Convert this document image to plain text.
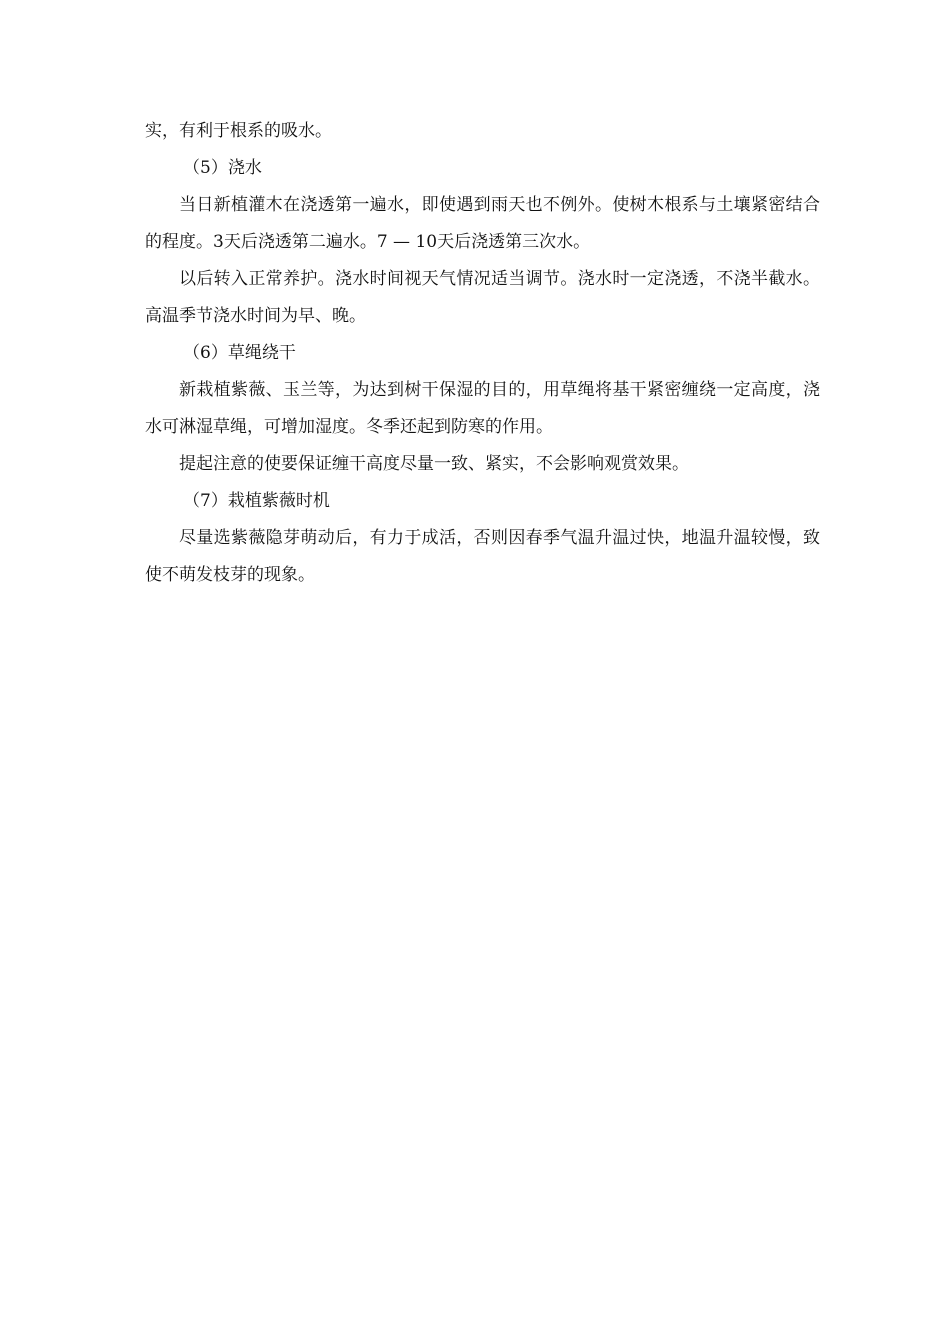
实，有利于根系的吸水。

（5）浇水

当日新植灌木在浇透第一遍水，即使遇到雨天也不例外。使树木根系与土壤紧密结合的程度。3天后浇透第二遍水。7 — 10天后浇透第三次水。

以后转入正常养护。浇水时间视天气情况适当调节。浇水时一定浇透，不浇半截水。高温季节浇水时间为早、晚。

（6）草绳绕干

新栽植紫薇、玉兰等，为达到树干保湿的目的，用草绳将基干紧密缠绕一定高度，浇水可淋湿草绳，可增加湿度。冬季还起到防寒的作用。

提起注意的使要保证缠干高度尽量一致、紧实，不会影响观赏效果。

（7）栽植紫薇时机

尽量选紫薇隐芽萌动后，有力于成活，否则因春季气温升温过快，地温升温较慢，致使不萌发枝芽的现象。
